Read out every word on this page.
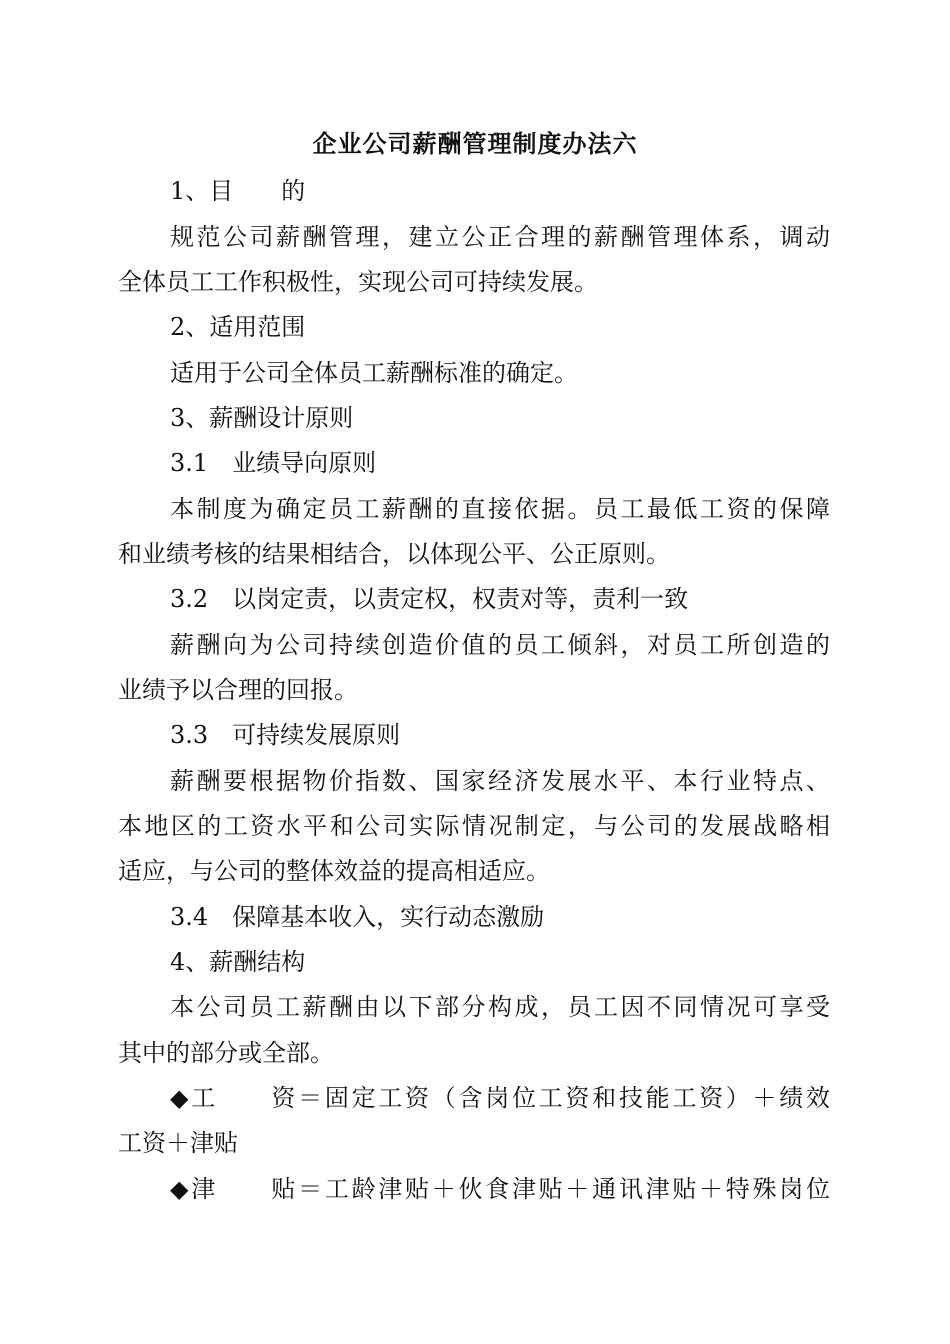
企业公司薪酬管理制度办法六
1、目　　的
规范公司薪酬管理，建立公正合理的薪酬管理体系，调动
全体员工工作积极性，实现公司可持续发展。
2、适用范围
适用于公司全体员工薪酬标准的确定。
3、薪酬设计原则
3.1　业绩导向原则
本制度为确定员工薪酬的直接依据。员工最低工资的保障
和业绩考核的结果相结合，以体现公平、公正原则。
3.2　以岗定责，以责定权，权责对等，责利一致
薪酬向为公司持续创造价值的员工倾斜，对员工所创造的
业绩予以合理的回报。
3.3　可持续发展原则
薪酬要根据物价指数、国家经济发展水平、本行业特点、
本地区的工资水平和公司实际情况制定，与公司的发展战略相
适应，与公司的整体效益的提高相适应。
3.4　保障基本收入，实行动态激励
4、薪酬结构
本公司员工薪酬由以下部分构成，员工因不同情况可享受
其中的部分或全部。
◆工　　资＝固定工资（含岗位工资和技能工资）＋绩效
工资＋津贴
◆津　　贴＝工龄津贴＋伙食津贴＋通讯津贴＋特殊岗位
